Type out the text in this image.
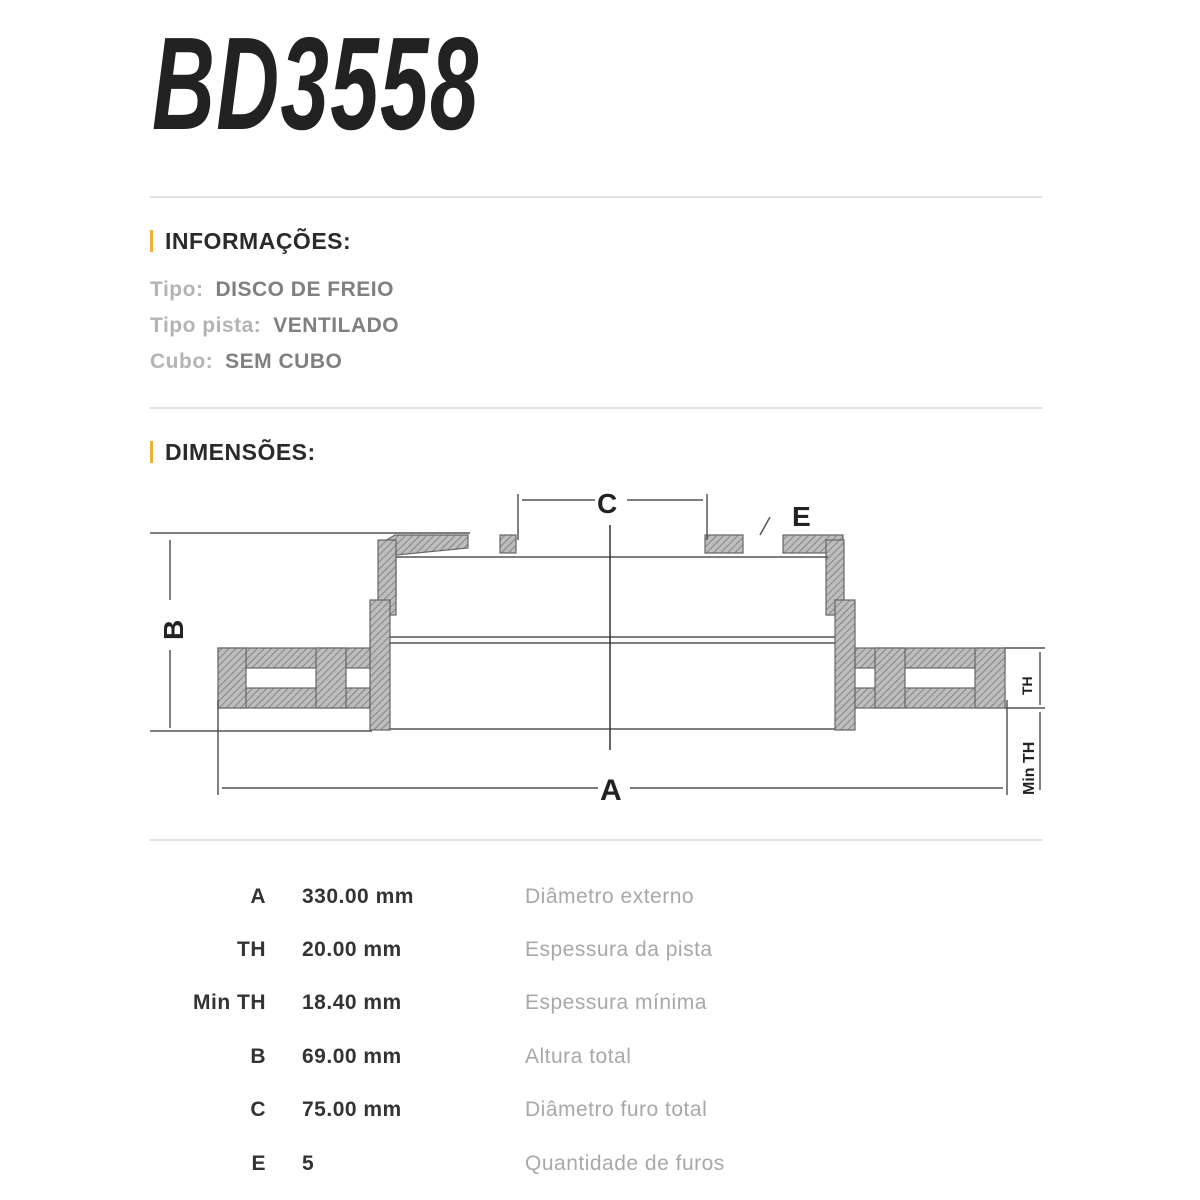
BD3558
INFORMAÇÕES:
Tipo: DISCO DE FREIO
Tipo pista: VENTILADO
Cubo: SEM CUBO
DIMENSÕES:
C	E
A
B
TH
Min TH
A 330.00 mm	Diâmetro externo
TH 20.00 mm	Espessura da pista
Min TH 18.40 mm	Espessura mínima
B 69.00 mm	Altura total
C 75.00 mm	Diâmetro furo total
E 5	Quantidade de furos
